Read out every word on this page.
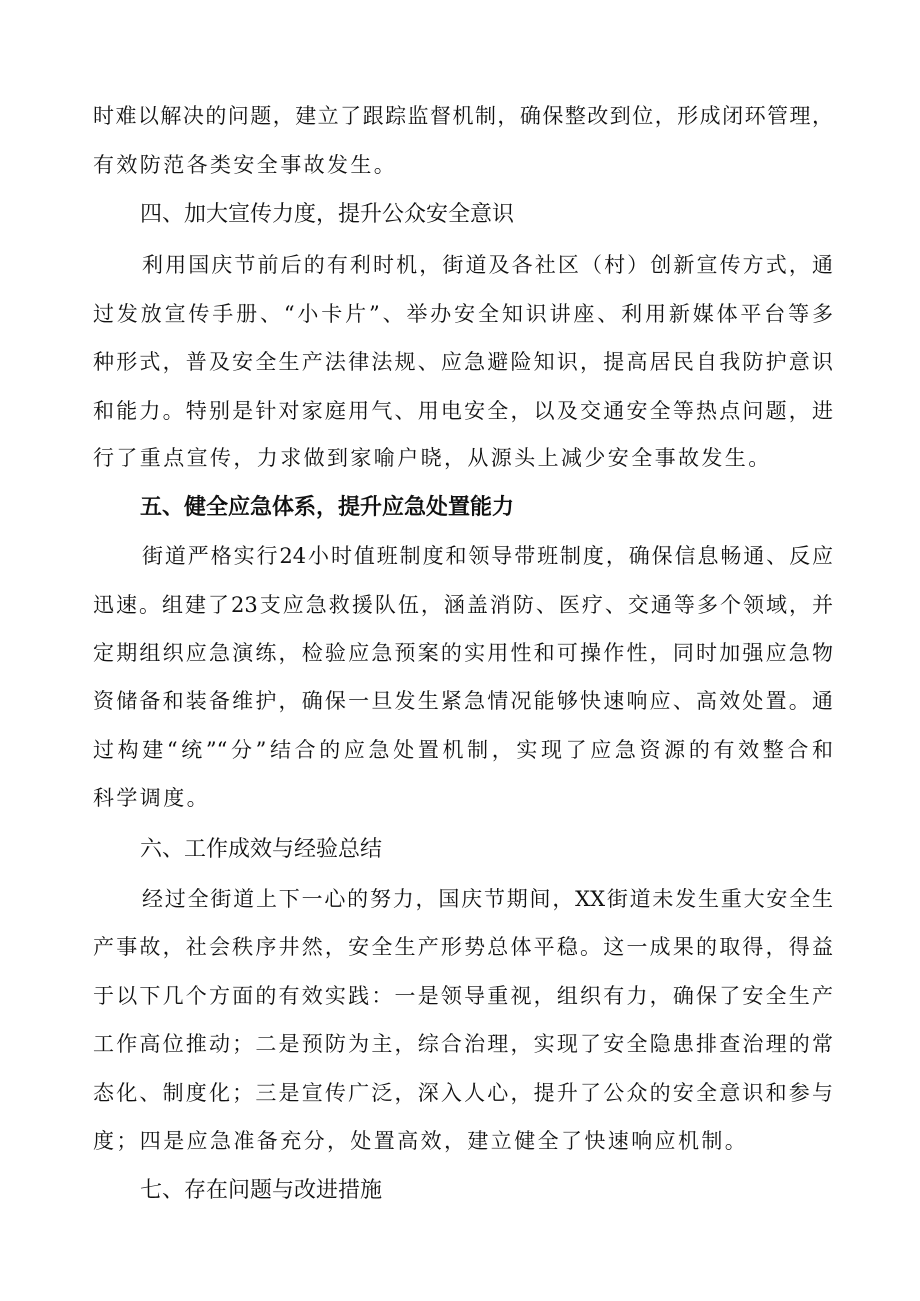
时难以解决的问题，建立了跟踪监督机制，确保整改到位，形成闭环管理，
有效防范各类安全事故发生。
四、加大宣传力度，提升公众安全意识
利用国庆节前后的有利时机，街道及各社区（村）创新宣传方式，通
过发放宣传手册、“小卡片”、举办安全知识讲座、利用新媒体平台等多
种形式，普及安全生产法律法规、应急避险知识，提高居民自我防护意识
和能力。特别是针对家庭用气、用电安全，以及交通安全等热点问题，进
行了重点宣传，力求做到家喻户晓，从源头上减少安全事故发生。
五、健全应急体系，提升应急处置能力
街道严格实行24小时值班制度和领导带班制度，确保信息畅通、反应
迅速。组建了23支应急救援队伍，涵盖消防、医疗、交通等多个领域，并
定期组织应急演练，检验应急预案的实用性和可操作性，同时加强应急物
资储备和装备维护，确保一旦发生紧急情况能够快速响应、高效处置。通
过构建“统”“分”结合的应急处置机制，实现了应急资源的有效整合和
科学调度。
六、工作成效与经验总结
经过全街道上下一心的努力，国庆节期间，XX街道未发生重大安全生
产事故，社会秩序井然，安全生产形势总体平稳。这一成果的取得，得益
于以下几个方面的有效实践：一是领导重视，组织有力，确保了安全生产
工作高位推动；二是预防为主，综合治理，实现了安全隐患排查治理的常
态化、制度化；三是宣传广泛，深入人心，提升了公众的安全意识和参与
度；四是应急准备充分，处置高效，建立健全了快速响应机制。
七、存在问题与改进措施
